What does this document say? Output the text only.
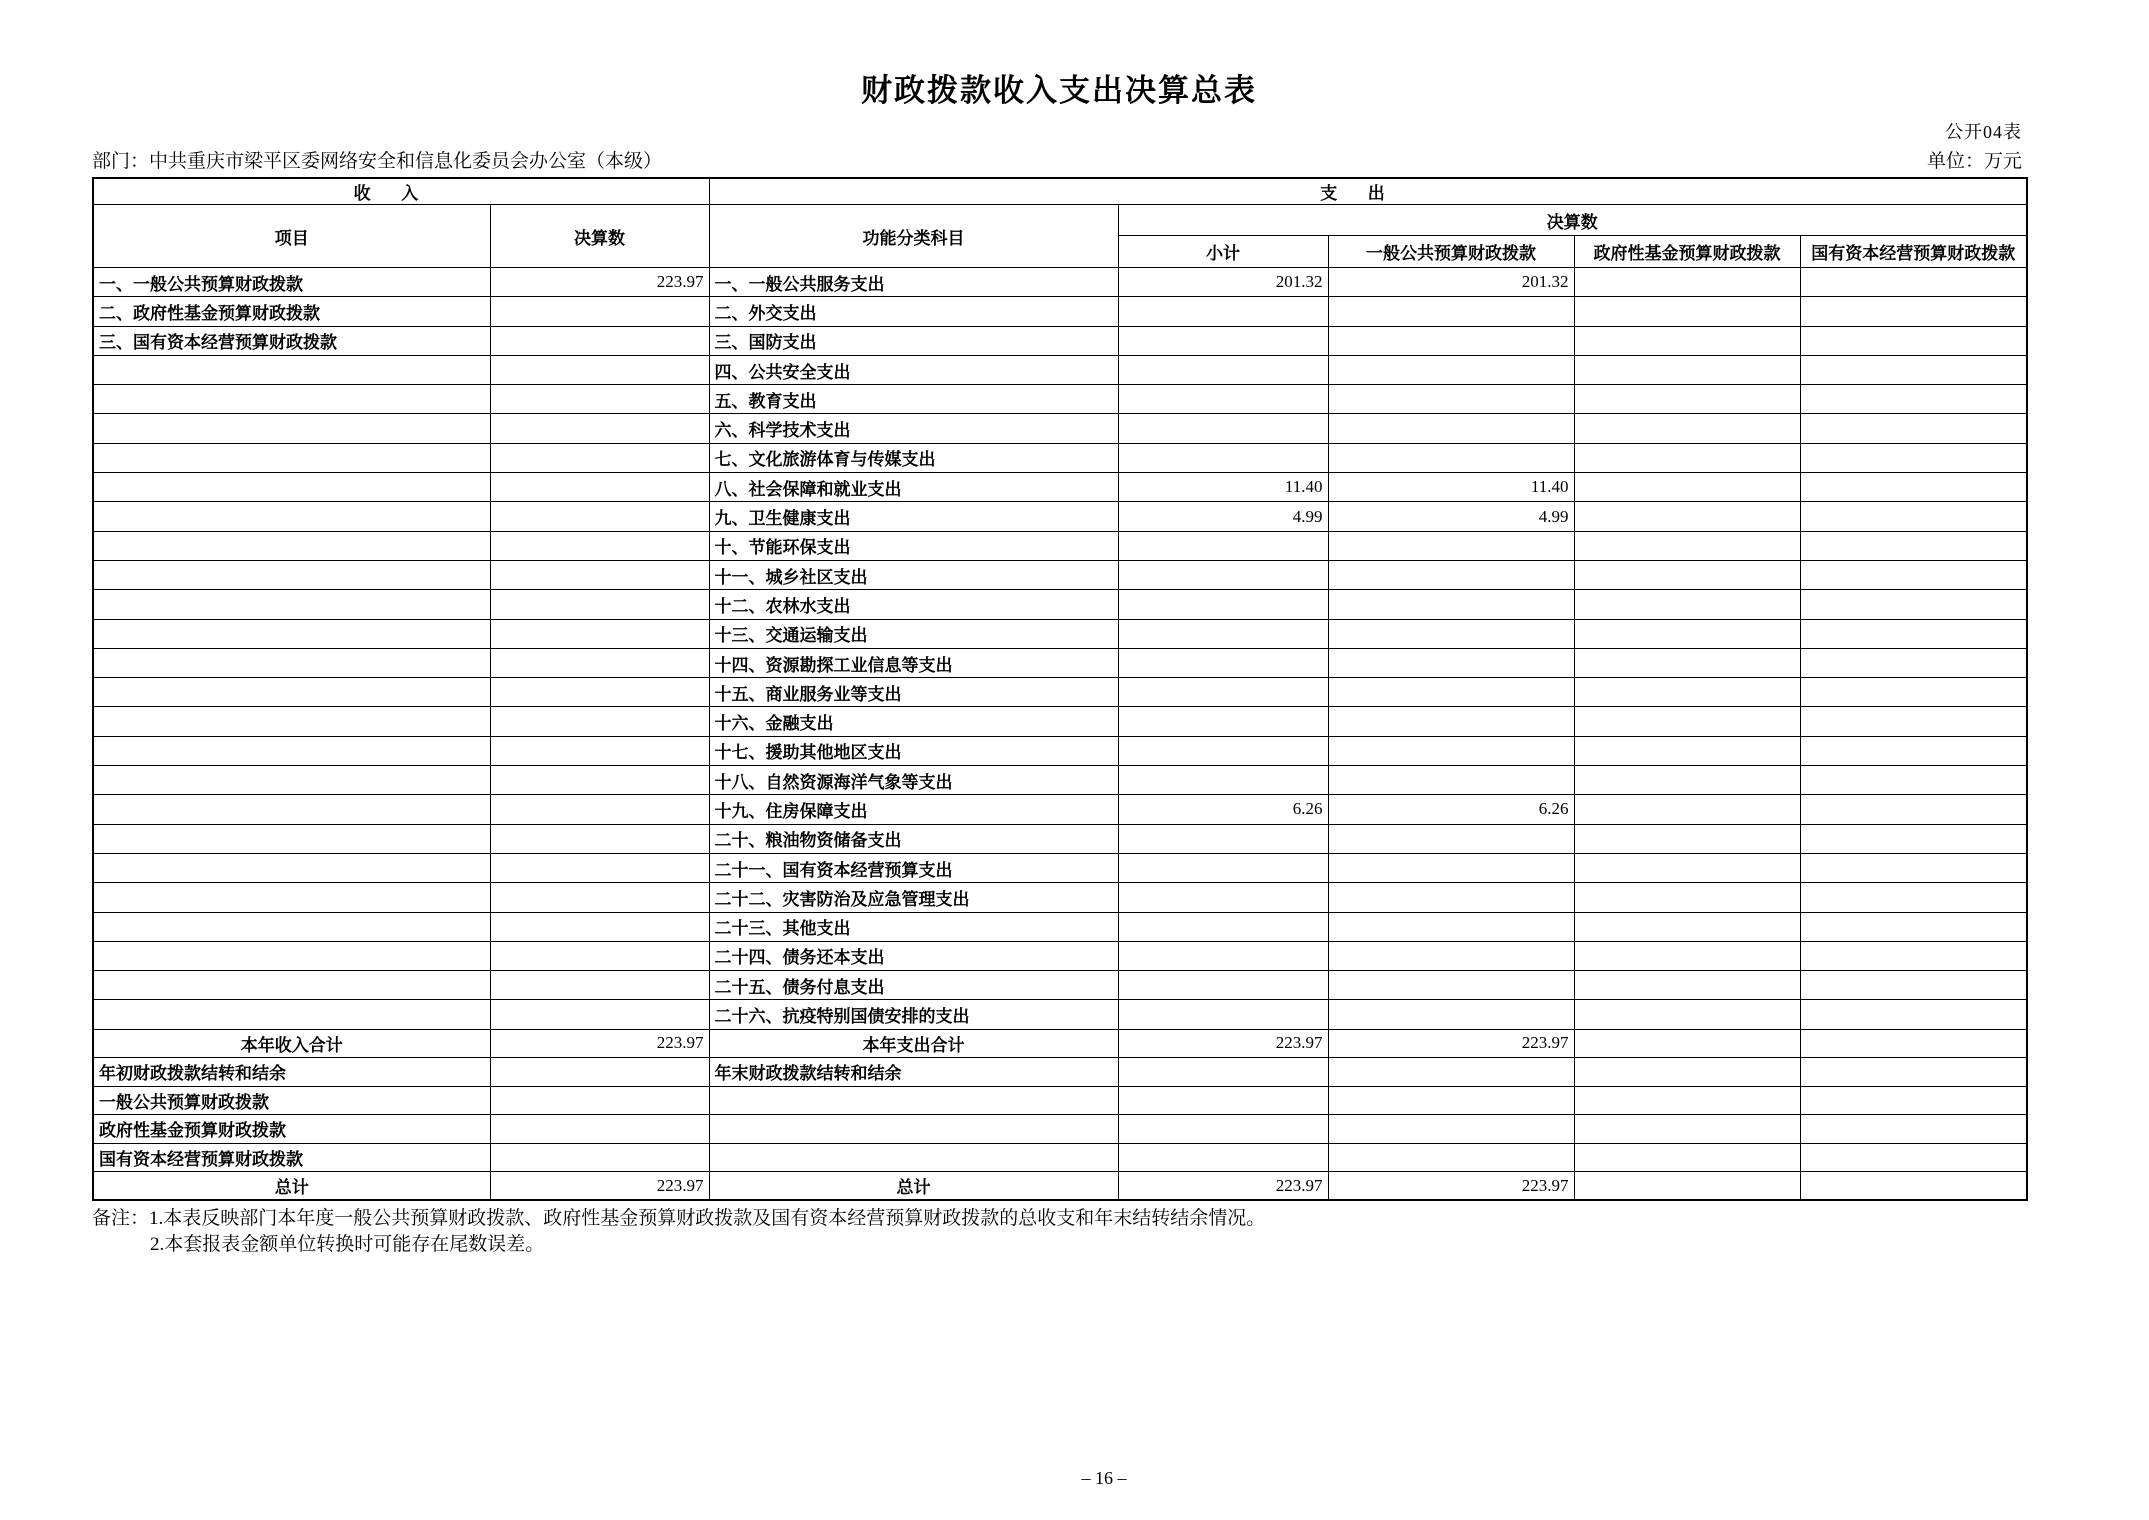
财政拨款收入支出决算总表
公开04表
部门：中共重庆市梁平区委网络安全和信息化委员会办公室（本级）	单位：万元
收入		支出				
项目	决算数	功能分类科目	决算数			
			小计	一般公共预算财政拨款	政府性基金预算财政拨款	国有资本经营预算财政拨款
一、一般公共预算财政拨款	223.97	一、一般公共服务支出	201.32	201.32		
二、政府性基金预算财政拨款		二、外交支出				
三、国有资本经营预算财政拨款		三、国防支出				
		四、公共安全支出				
		五、教育支出				
		六、科学技术支出				
		七、文化旅游体育与传媒支出				
		八、社会保障和就业支出	11.40	11.40		
		九、卫生健康支出	4.99	4.99		
		十、节能环保支出				
		十一、城乡社区支出				
		十二、农林水支出				
		十三、交通运输支出				
		十四、资源勘探工业信息等支出				
		十五、商业服务业等支出				
		十六、金融支出				
		十七、援助其他地区支出				
		十八、自然资源海洋气象等支出				
		十九、住房保障支出	6.26	6.26		
		二十、粮油物资储备支出				
		二十一、国有资本经营预算支出				
		二十二、灾害防治及应急管理支出				
		二十三、其他支出				
		二十四、债务还本支出				
		二十五、债务付息支出				
		二十六、抗疫特别国债安排的支出				
本年收入合计	223.97	本年支出合计	223.97	223.97		
年初财政拨款结转和结余		年末财政拨款结转和结余				
一般公共预算财政拨款						
政府性基金预算财政拨款						
国有资本经营预算财政拨款						
总计	223.97	总计	223.97	223.97		
备注：1.本表反映部门本年度一般公共预算财政拨款、政府性基金预算财政拨款及国有资本经营预算财政拨款的总收支和年末结转结余情况。
2.本套报表金额单位转换时可能存在尾数误差。
– 16 –
